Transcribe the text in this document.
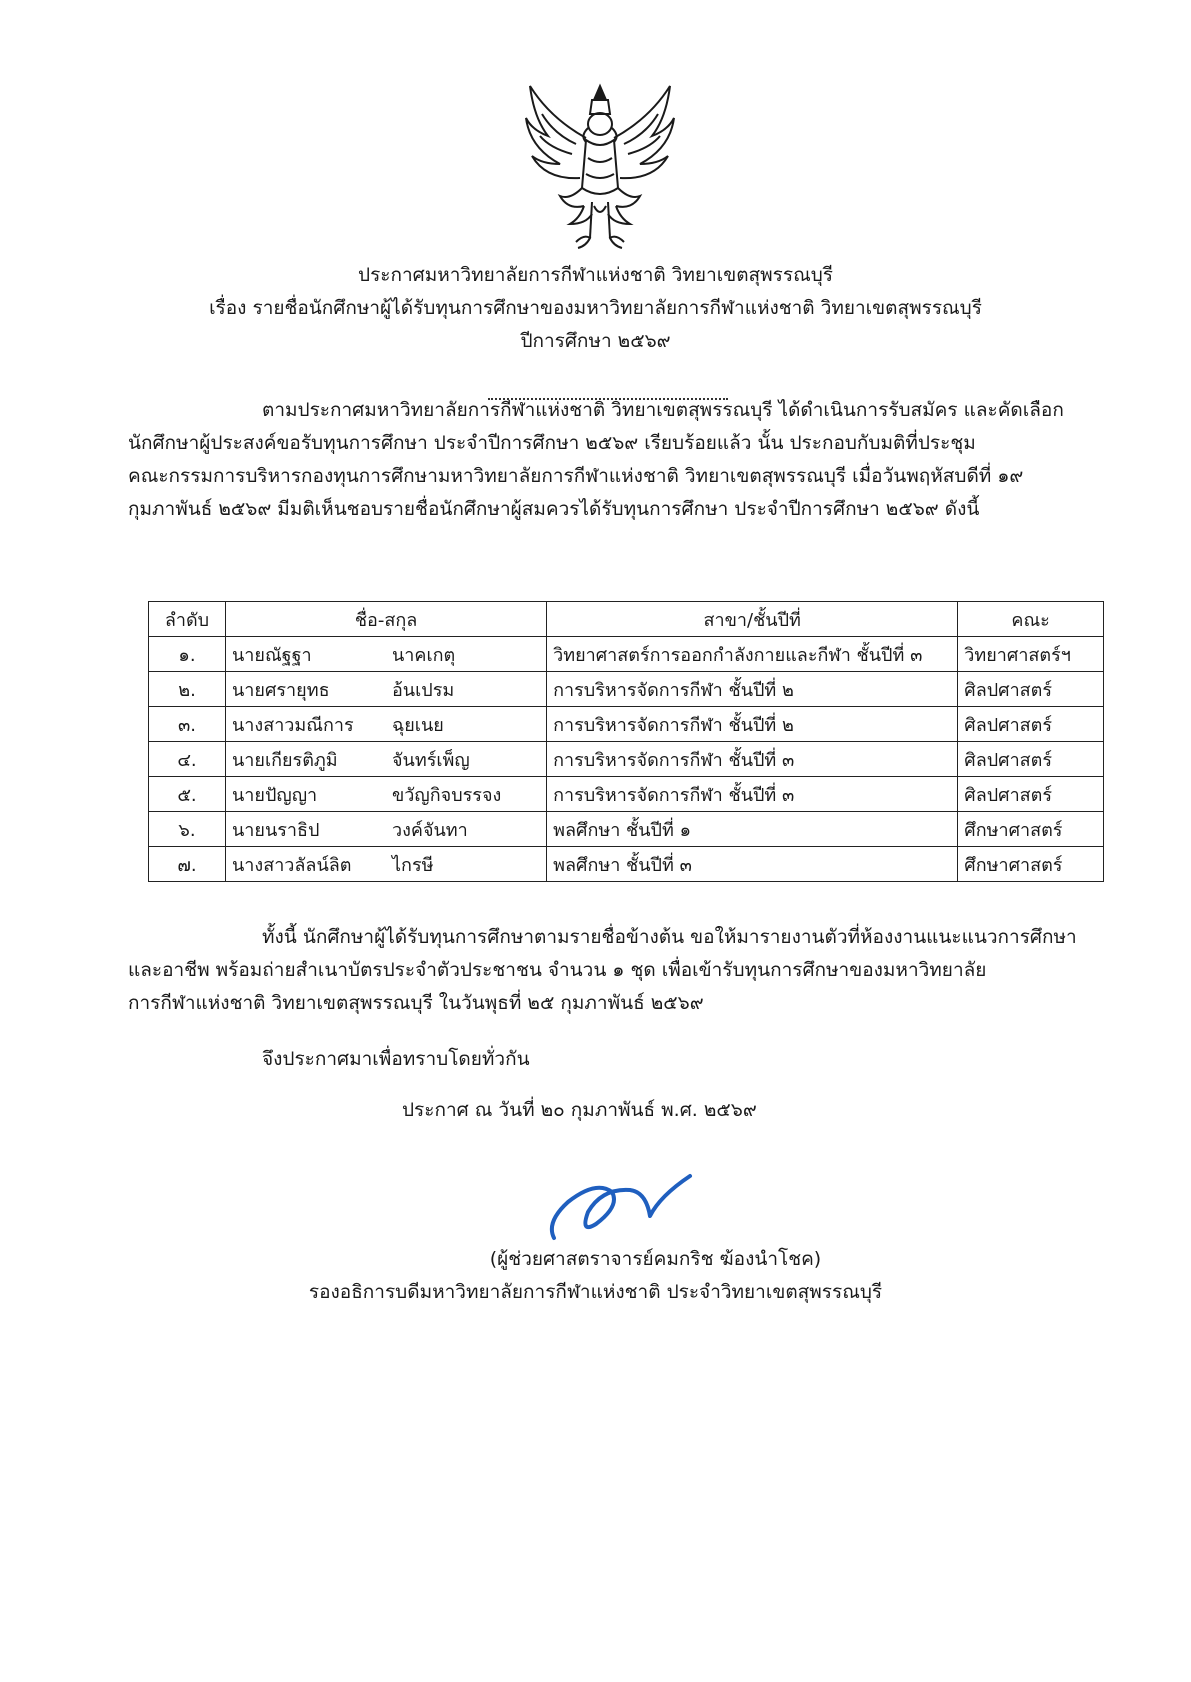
ประกาศมหาวิทยาลัยการกีฬาแห่งชาติ วิทยาเขตสุพรรณบุรี
เรื่อง รายชื่อนักศึกษาผู้ได้รับทุนการศึกษาของมหาวิทยาลัยการกีฬาแห่งชาติ วิทยาเขตสุพรรณบุรี
ปีการศึกษา ๒๕๖๙
ตามประกาศมหาวิทยาลัยการกีฬาแห่งชาติ วิทยาเขตสุพรรณบุรี ได้ดำเนินการรับสมัคร และคัดเลือก
นักศึกษาผู้ประสงค์ขอรับทุนการศึกษา ประจำปีการศึกษา ๒๕๖๙ เรียบร้อยแล้ว นั้น ประกอบกับมติที่ประชุม
คณะกรรมการบริหารกองทุนการศึกษามหาวิทยาลัยการกีฬาแห่งชาติ วิทยาเขตสุพรรณบุรี เมื่อวันพฤหัสบดีที่ ๑๙
กุมภาพันธ์ ๒๕๖๙ มีมติเห็นชอบรายชื่อนักศึกษาผู้สมควรได้รับทุนการศึกษา ประจำปีการศึกษา ๒๕๖๙ ดังนี้
ลำดับ	ชื่อ-สกุล	สาขา/ชั้นปีที่	คณะ
๑.	นายณัฐฐา นาคเกตุ	วิทยาศาสตร์การออกกำลังกายและกีฬา ชั้นปีที่ ๓	วิทยาศาสตร์ฯ
๒.	นายศรายุทธ อ้นเปรม	การบริหารจัดการกีฬา ชั้นปีที่ ๒	ศิลปศาสตร์
๓.	นางสาวมณีการ ฉุยเนย	การบริหารจัดการกีฬา ชั้นปีที่ ๒	ศิลปศาสตร์
๔.	นายเกียรติภูมิ จันทร์เพ็ญ	การบริหารจัดการกีฬา ชั้นปีที่ ๓	ศิลปศาสตร์
๕.	นายปัญญา ขวัญกิจบรรจง	การบริหารจัดการกีฬา ชั้นปีที่ ๓	ศิลปศาสตร์
๖.	นายนราธิป วงค์จันทา	พลศึกษา ชั้นปีที่ ๑	ศึกษาศาสตร์
๗.	นางสาวลัลน์ลิต ไกรษี	พลศึกษา ชั้นปีที่ ๓	ศึกษาศาสตร์
ทั้งนี้ นักศึกษาผู้ได้รับทุนการศึกษาตามรายชื่อข้างต้น ขอให้มารายงานตัวที่ห้องงานแนะแนวการศึกษา
และอาชีพ พร้อมถ่ายสำเนาบัตรประจำตัวประชาชน จำนวน ๑ ชุด เพื่อเข้ารับทุนการศึกษาของมหาวิทยาลัย
การกีฬาแห่งชาติ วิทยาเขตสุพรรณบุรี ในวันพุธที่ ๒๕ กุมภาพันธ์ ๒๕๖๙
จึงประกาศมาเพื่อทราบโดยทั่วกัน
ประกาศ ณ วันที่ ๒๐ กุมภาพันธ์ พ.ศ. ๒๕๖๙
(ผู้ช่วยศาสตราจารย์คมกริช ฆ้องนำโชค)
รองอธิการบดีมหาวิทยาลัยการกีฬาแห่งชาติ ประจำวิทยาเขตสุพรรณบุรี
